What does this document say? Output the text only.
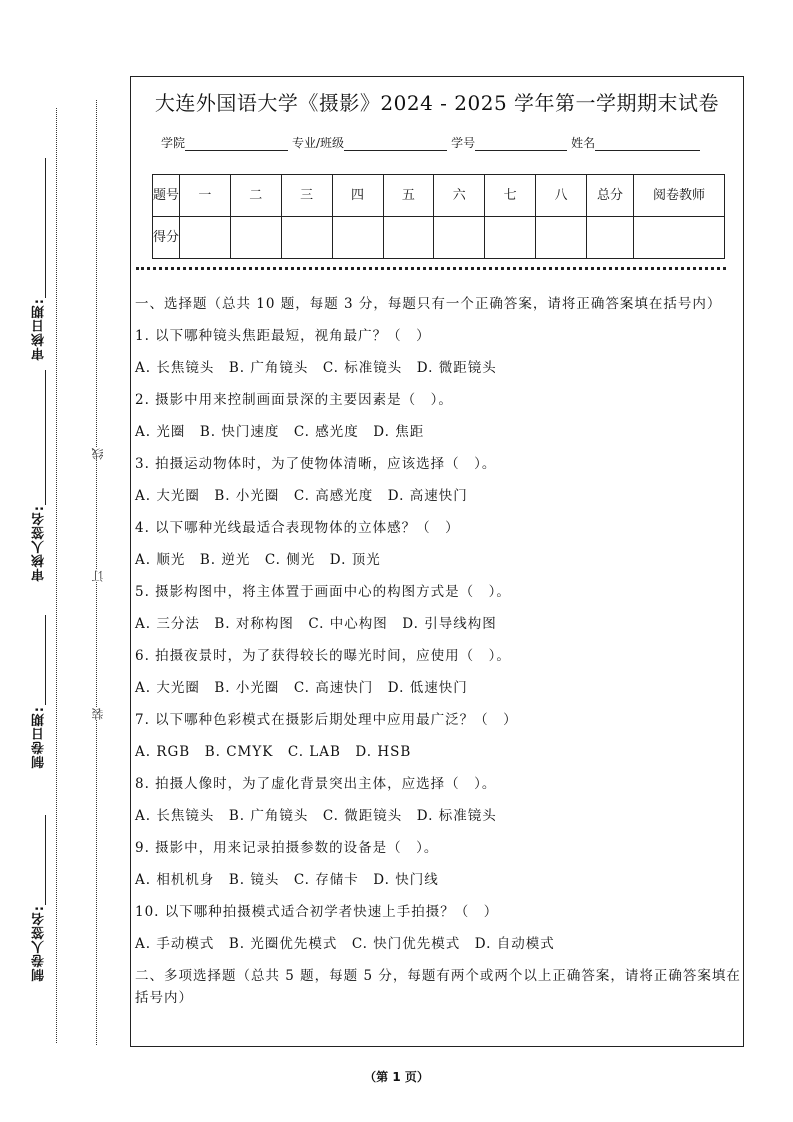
审核日期:
审核人签名:
制卷日期:
制卷人签名:
线
订
装
大连外国语大学《摄影》2024 - 2025 学年第一学期期末试卷
学院	专业/班级	学号	姓名
题号	一	二	三	四	五	六	七	八	总分	阅卷教师
得分										

一、选择题（总共 10 题，每题 3 分，每题只有一个正确答案，请将正确答案填在括号内）

1. 以下哪种镜头焦距最短，视角最广？（　）

A. 长焦镜头　B. 广角镜头　C. 标准镜头　D. 微距镜头

2. 摄影中用来控制画面景深的主要因素是（　）。

A. 光圈　B. 快门速度　C. 感光度　D. 焦距

3. 拍摄运动物体时，为了使物体清晰，应该选择（　）。

A. 大光圈　B. 小光圈　C. 高感光度　D. 高速快门

4. 以下哪种光线最适合表现物体的立体感？（　）

A. 顺光　B. 逆光　C. 侧光　D. 顶光

5. 摄影构图中，将主体置于画面中心的构图方式是（　）。

A. 三分法　B. 对称构图　C. 中心构图　D. 引导线构图

6. 拍摄夜景时，为了获得较长的曝光时间，应使用（　）。

A. 大光圈　B. 小光圈　C. 高速快门　D. 低速快门

7. 以下哪种色彩模式在摄影后期处理中应用最广泛？（　）

A. RGB　B. CMYK　C. LAB　D. HSB

8. 拍摄人像时，为了虚化背景突出主体，应选择（　）。

A. 长焦镜头　B. 广角镜头　C. 微距镜头　D. 标准镜头

9. 摄影中，用来记录拍摄参数的设备是（　）。

A. 相机机身　B. 镜头　C. 存储卡　D. 快门线

10. 以下哪种拍摄模式适合初学者快速上手拍摄？（　）

A. 手动模式　B. 光圈优先模式　C. 快门优先模式　D. 自动模式

二、多项选择题（总共 5 题，每题 5 分，每题有两个或两个以上正确答案，请将正确答案填在括号内）

（第 1 页）
